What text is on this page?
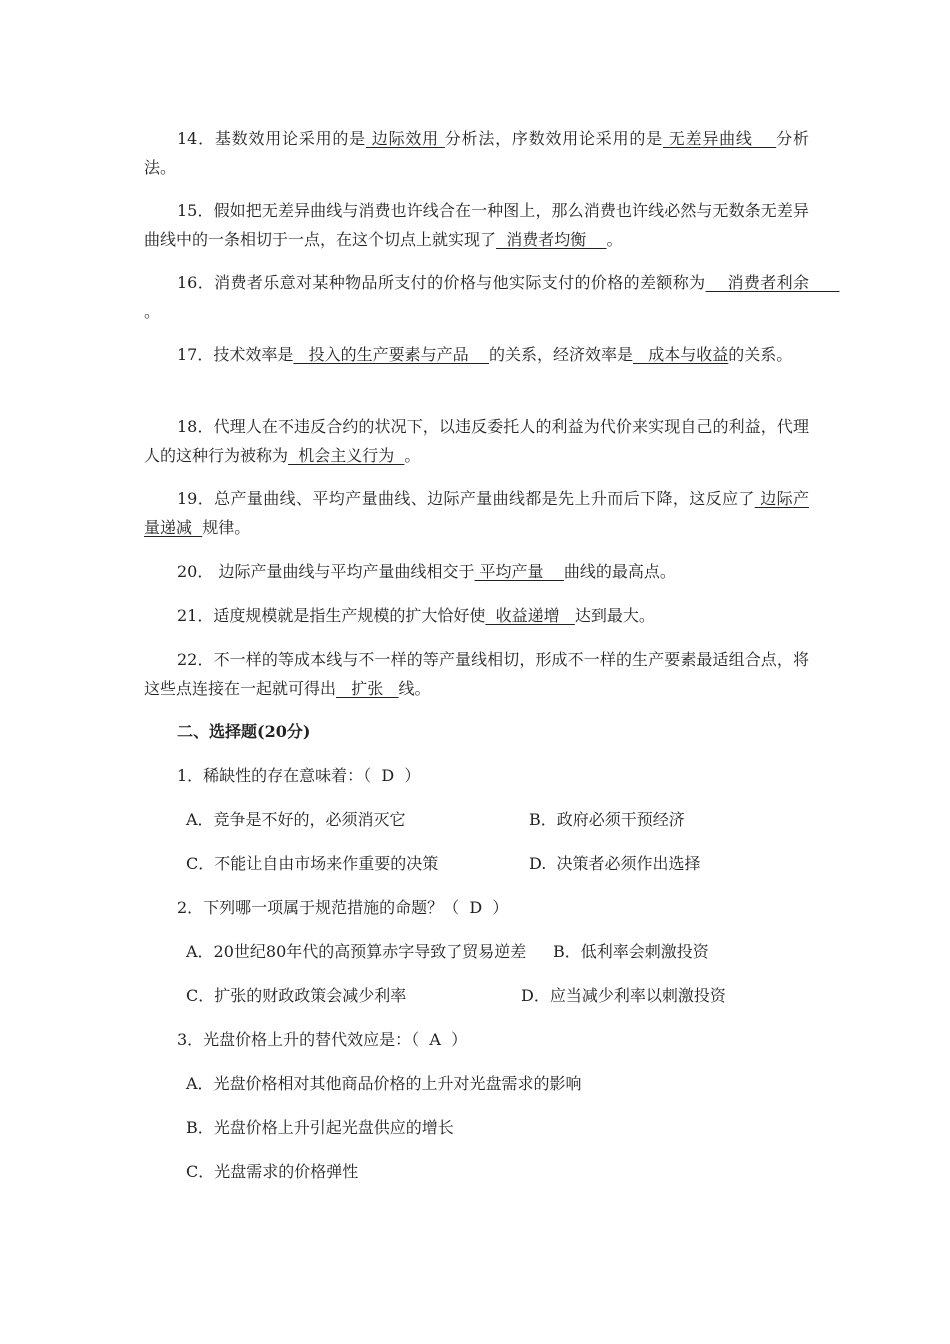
14．基数效用论采用的是 边际效用 分析法，序数效用论采用的是 无差异曲线    分析法。

15．假如把无差异曲线与消费也许线合在一种图上，那么消费也许线必然与无数条无差异曲线中的一条相切于一点，在这个切点上就实现了  消费者均衡    。

16．消费者乐意对某种物品所支付的价格与他实际支付的价格的差额称为    消费者利余      。

17．技术效率是   投入的生产要素与产品    的关系，经济效率是   成本与收益的关系。

18．代理人在不违反合约的状况下，以违反委托人的利益为代价来实现自己的利益，代理人的这种行为被称为  机会主义行为  。

19．总产量曲线、平均产量曲线、边际产量曲线都是先上升而后下降，这反应了 边际产量递减  规律。

20． 边际产量曲线与平均产量曲线相交于 平均产量    曲线的最高点。

21．适度规模就是指生产规模的扩大恰好使  收益递增   达到最大。

22．不一样的等成本线与不一样的等产量线相切，形成不一样的生产要素最适组合点，将这些点连接在一起就可得出   扩张   线。

二、选择题(20分)

1．稀缺性的存在意味着：（  D  ）

A．竞争是不好的，必须消灭它	B．政府必须干预经济

C．不能让自由市场来作重要的决策	D.  决策者必须作出选择

2．下列哪一项属于规范措施的命题？（  D  ）

A．20世纪80年代的高预算赤字导致了贸易逆差 B．低利率会刺激投资

C．扩张的财政政策会减少利率	D．应当减少利率以刺激投资

3．光盘价格上升的替代效应是：（  A  ）

A．光盘价格相对其他商品价格的上升对光盘需求的影响

B．光盘价格上升引起光盘供应的增长

C．光盘需求的价格弹性
